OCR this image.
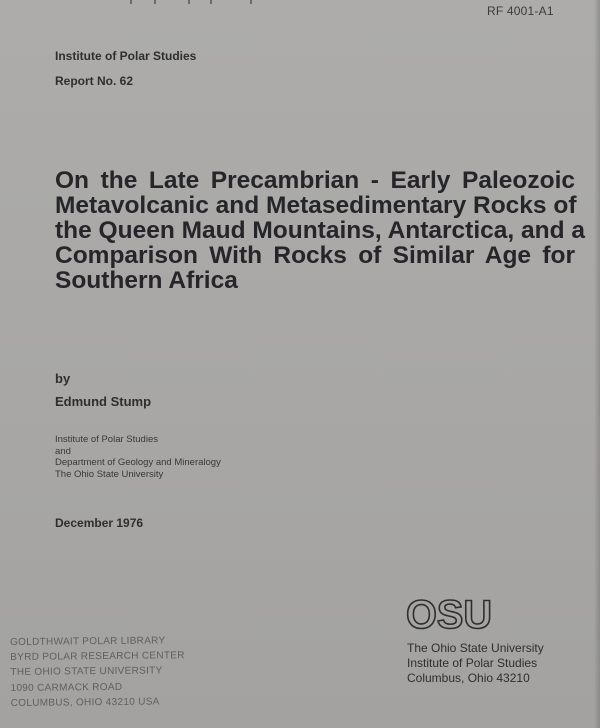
RF 4001-A1
Institute of Polar Studies
Report No. 62
On the Late Precambrian - Early Paleozoic
Metavolcanic and Metasedimentary Rocks of
the Queen Maud Mountains, Antarctica, and a
Comparison With Rocks of Similar Age for
Southern Africa
by
Edmund Stump
Institute of Polar Studies
and
Department of Geology and Mineralogy
The Ohio State University
December 1976
GOLDTHWAIT POLAR LIBRARY
BYRD POLAR RESEARCH CENTER
THE OHIO STATE UNIVERSITY
1090 CARMACK ROAD
COLUMBUS, OHIO 43210 USA
OSU
The Ohio State University
Institute of Polar Studies
Columbus, Ohio 43210
